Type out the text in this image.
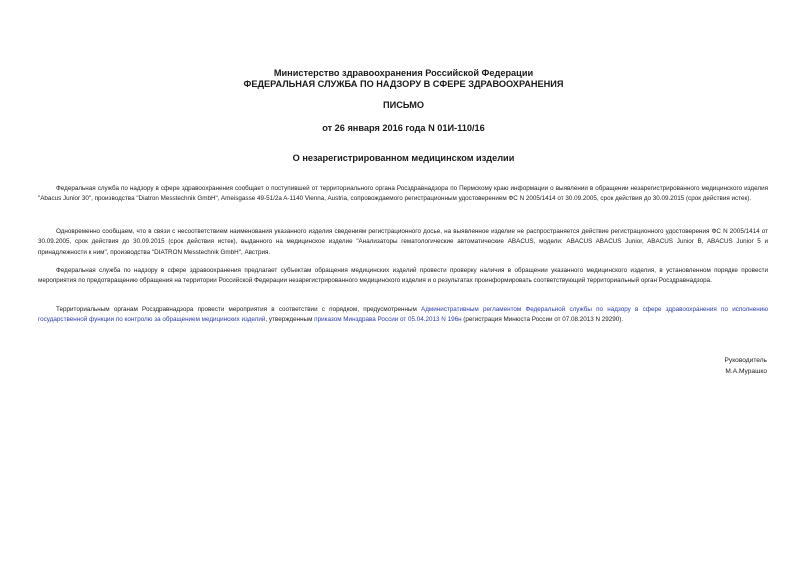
Министерство здравоохранения Российской Федерации
ФЕДЕРАЛЬНАЯ СЛУЖБА ПО НАДЗОРУ В СФЕРЕ ЗДРАВООХРАНЕНИЯ
ПИСЬМО
от 26 января 2016 года N 01И-110/16
О незарегистрированном медицинском изделии
Федеральная служба по надзору в сфере здравоохранения сообщает о поступившей от территориального органа Росздравнадзора по Пермскому краю информации о выявлении в обращении незарегистрированного медицинского изделия "Abacus Junior 30", производства "Diatron Messtechnik GmbH", Ameisgasse 49-51/2a A-1140 Vienna, Austria, сопровождаемого регистрационным удостоверением ФС N 2005/1414 от 30.09.2005, срок действия до 30.09.2015 (срок действия истек).
Одновременно сообщаем, что в связи с несоответствием наименования указанного изделия сведениям регистрационного досье, на выявленное изделие не распространяется действие регистрационного удостоверения ФС N 2005/1414 от 30.09.2005, срок действия до 30.09.2015 (срок действия истек), выданного на медицинское изделие "Анализаторы гематологические автоматические ABACUS, модели: ABACUS ABACUS Junior, ABACUS Junior B, ABACUS Junior 5 и принадлежности к ним", производства "DIATRON Messtechnik GmbH", Австрия.
Федеральная служба по надзору в сфере здравоохранения предлагает субъектам обращения медицинских изделий провести проверку наличия в обращении указанного медицинского изделия, в установленном порядке провести мероприятия по предотвращению обращения на территории Российской Федерации незарегистрированного медицинского изделия и о результатах проинформировать соответствующий территориальный орган Росздравнадзора.
Территориальным органам Росздравнадзора провести мероприятия в соответствии с порядком, предусмотренным Административным регламентом Федеральной службы по надзору в сфере здравоохранения по исполнению государственной функции по контролю за обращением медицинских изделий, утвержденным приказом Минздрава России от 05.04.2013 N 196н (регистрация Минюста России от 07.08.2013 N 29290).
Руководитель
М.А.Мурашко
